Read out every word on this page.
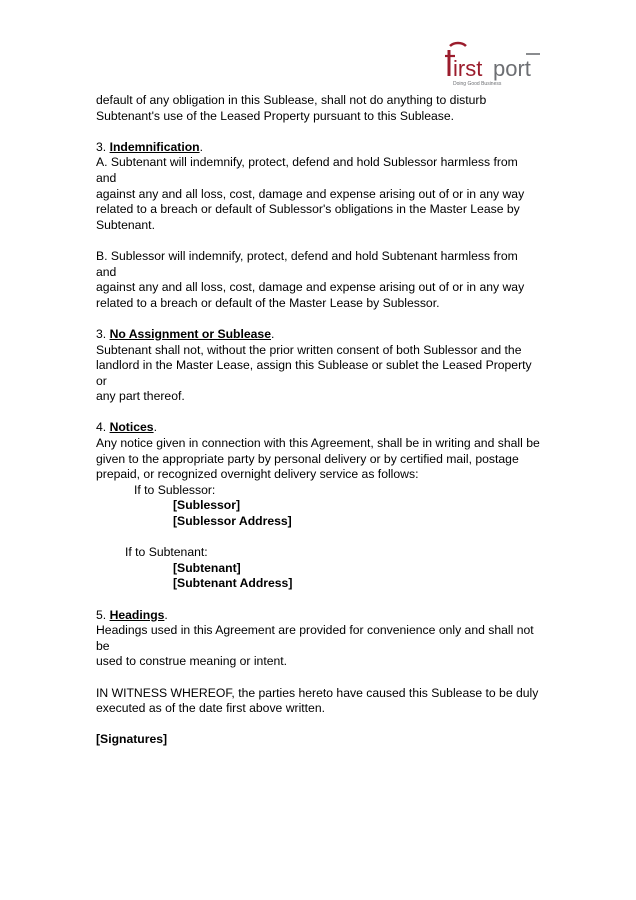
irst port
Doing Good Business

default of any obligation in this Sublease, shall not do anything to disturb

Subtenant's use of the Leased Property pursuant to this Sublease.

3. Indemnification.

A. Subtenant will indemnify, protect, defend and hold Sublessor harmless from and

against any and all loss, cost, damage and expense arising out of or in any way

related to a breach or default of Sublessor's obligations in the Master Lease by

Subtenant.

B. Sublessor will indemnify, protect, defend and hold Subtenant harmless from and

against any and all loss, cost, damage and expense arising out of or in any way

related to a breach or default of the Master Lease by Sublessor.

3. No Assignment or Sublease.

Subtenant shall not, without the prior written consent of both Sublessor and the

landlord in the Master Lease, assign this Sublease or sublet the Leased Property or

any part thereof.

4. Notices.

Any notice given in connection with this Agreement, shall be in writing and shall be

given to the appropriate party by personal delivery or by certified mail, postage

prepaid, or recognized overnight delivery service as follows:

If to Sublessor:

[Sublessor]

[Sublessor Address]

If to Subtenant:

[Subtenant]

[Subtenant Address]

5. Headings.

Headings used in this Agreement are provided for convenience only and shall not be

used to construe meaning or intent.

IN WITNESS WHEREOF, the parties hereto have caused this Sublease to be duly

executed as of the date first above written.

[Signatures]
